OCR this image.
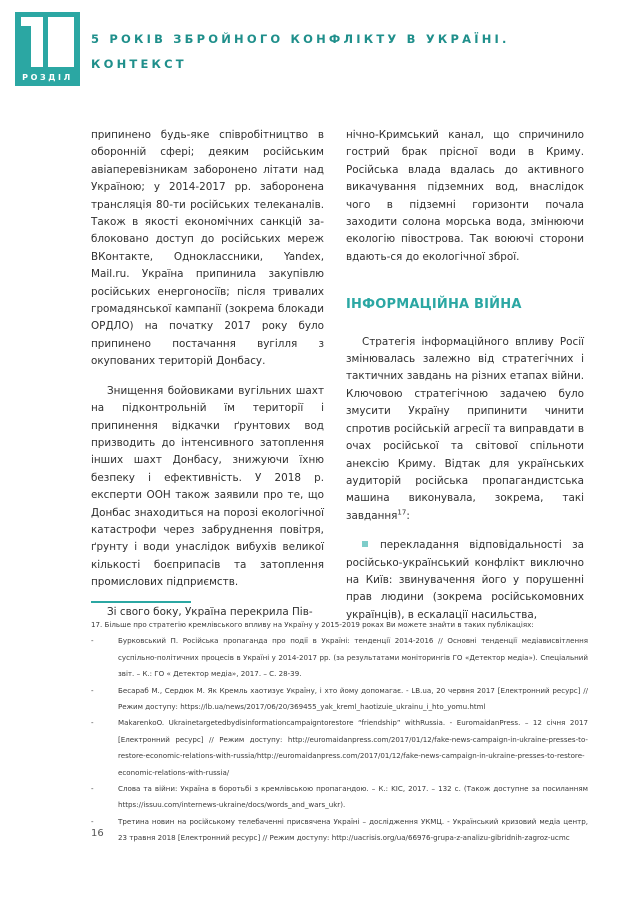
РОЗДІЛ
5 РОКІВ ЗБРОЙНОГО КОНФЛІКТУ В УКРАЇНІ.
КОНТЕКСТ

припинено будь-яке співробітництво в оборонній сфері; деяким російським авіаперевізникам заборонено літати над Україною; у 2014-2017 рр. заборонена трансляція 80-ти російських телеканалів. Також в якості економічних санкцій за-блоковано доступ до російських мереж ВКонтакте, Одноклассники, Yandex, Mail.ru. Україна припинила закупівлю російських енергоносіїв; після тривалих громадянської кампанії (зокрема блокади ОРДЛО) на початку 2017 року було припинено постачання вугілля з окупованих територій Донбасу.

Знищення бойовиками вугільних шахт на підконтрольній їм території і припинення відкачки ґрунтових вод призводить до інтенсивного затоплення інших шахт Донбасу, знижуючи їхню безпеку і ефективність. У 2018 р. експерти ООН також заявили про те, що Донбас знаходиться на порозі екологічної катастрофи через забруднення повітря, ґрунту і води унаслідок вибухів великої кількості боєприпасів та затоплення промислових підприємств.

Зі свого боку, Україна перекрила Пів-

нічно-Кримський канал, що спричинило гострий брак прісної води в Криму. Російська влада вдалась до активного викачування підземних вод, внаслідок чого в підземні горизонти почала заходити солона морська вода, змінюючи екологію півострова. Так воюючі сторони вдають-ся до екологічної зброї.

ІНФОРМАЦІЙНА ВІЙНА

Стратегія інформаційного впливу Росії змінювалась залежно від стратегічних і тактичних завдань на різних етапах війни. Ключовою стратегічною задачею було змусити Україну припинити чинити спротив російській агресії та виправдати в очах російської та світової спільноти анексію Криму. Відтак для українських аудиторій російська пропагандистська машина виконувала, зокрема, такі завдання$^{17}$:

перекладання відповідальності за російсько-український конфлікт виключно на Київ: звинувачення його у порушенні прав людини (зокрема російськомовних українців), в ескалації насильства,

17. Більше про стратегію кремлівського впливу на Україну у 2015-2019 роках Ви можете знайти в таких публікаціях:

-	Бурковський П. Російська пропаганда про події в Україні: тенденції 2014-2016 // Основні тенденції медіависвітлення суспільно-політичних процесів в Україні у 2014-2017 рр. (за результатами моніторингів ГО «Детектор медіа»). Спеціальний звіт. – К.: ГО « Детектор медіа», 2017. – С. 28-39.

-	Бесараб М., Сердюк М. Як Кремль хаотизує Україну, і хто йому допомагає. - LB.ua, 20 червня 2017 [Електронний ресурс] // Режим доступу: https://lb.ua/news/2017/06/20/369455_yak_kreml_haotizuie_ukrainu_i_hto_yomu.html

-	MakarenkoO. Ukrainetargetedbydisinformationcampaigntorestore “friendship” withRussia. - EuromaidanPress. – 12 січня 2017 [Електронний ресурс] // Режим доступу: http://euromaidanpress.com/2017/01/12/fake-news-campaign-in-ukraine-presses-to-restore-economic-relations-with-russia/http://euromaidanpress.com/2017/01/12/fake-news-campaign-in-ukraine-presses-to-restore-economic-relations-with-russia/

-	Слова та війни: Україна в боротьбі з кремлівською пропагандою. – К.: KIC, 2017. – 132 с. (Також доступне за посиланням https://issuu.com/internews-ukraine/docs/words_and_wars_ukr).

-	Третина новин на російському телебаченні присвячена Україні – дослідження УКМЦ. - Український кризовий медіа центр, 23 травня 2018 [Електронний ресурс] // Режим доступу: http://uacrisis.org/ua/66976-grupa-z-analizu-gibridnih-zagroz-ucmc

16
